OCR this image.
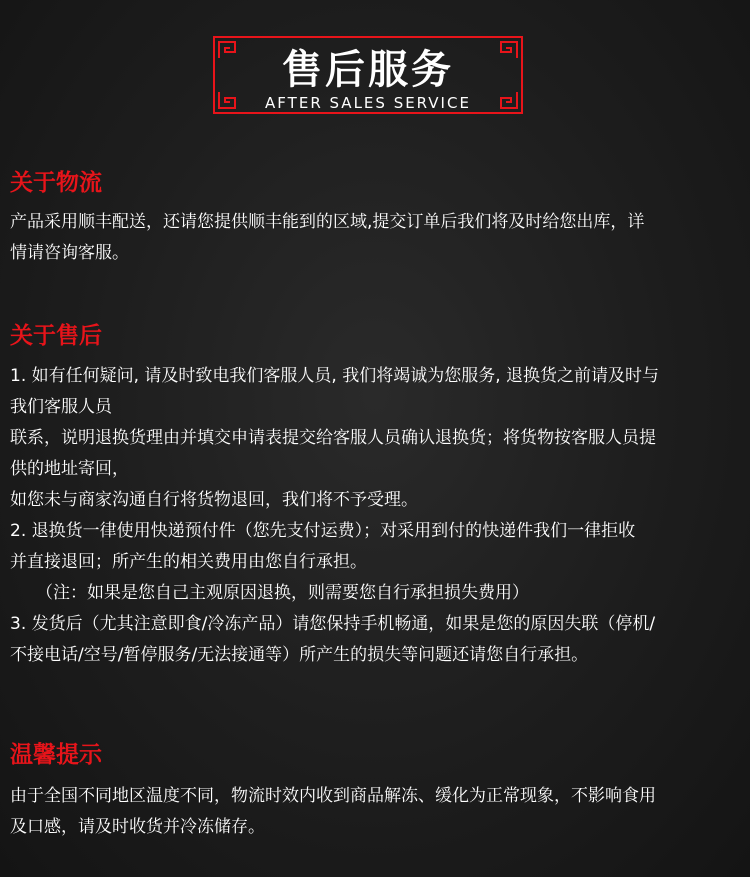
售后服务
AFTER SALES SERVICE

关于物流

产品采用顺丰配送，还请您提供顺丰能到的区域,提交订单后我们将及时给您出库，详

情请咨询客服。

关于售后

1. 如有任何疑问, 请及时致电我们客服人员, 我们将竭诚为您服务, 退换货之前请及时与

我们客服人员

联系，说明退换货理由并填交申请表提交给客服人员确认退换货；将货物按客服人员提

供的地址寄回，

如您未与商家沟通自行将货物退回，我们将不予受理。

2. 退换货一律使用快递预付件（您先支付运费）；对采用到付的快递件我们一律拒收

并直接退回；所产生的相关费用由您自行承担。

（注：如果是您自己主观原因退换，则需要您自行承担损失费用）

3. 发货后（尤其注意即食/冷冻产品）请您保持手机畅通，如果是您的原因失联（停机/

不接电话/空号/暂停服务/无法接通等）所产生的损失等问题还请您自行承担。

温馨提示

由于全国不同地区温度不同，物流时效内收到商品解冻、缓化为正常现象，不影响食用

及口感，请及时收货并冷冻储存。
